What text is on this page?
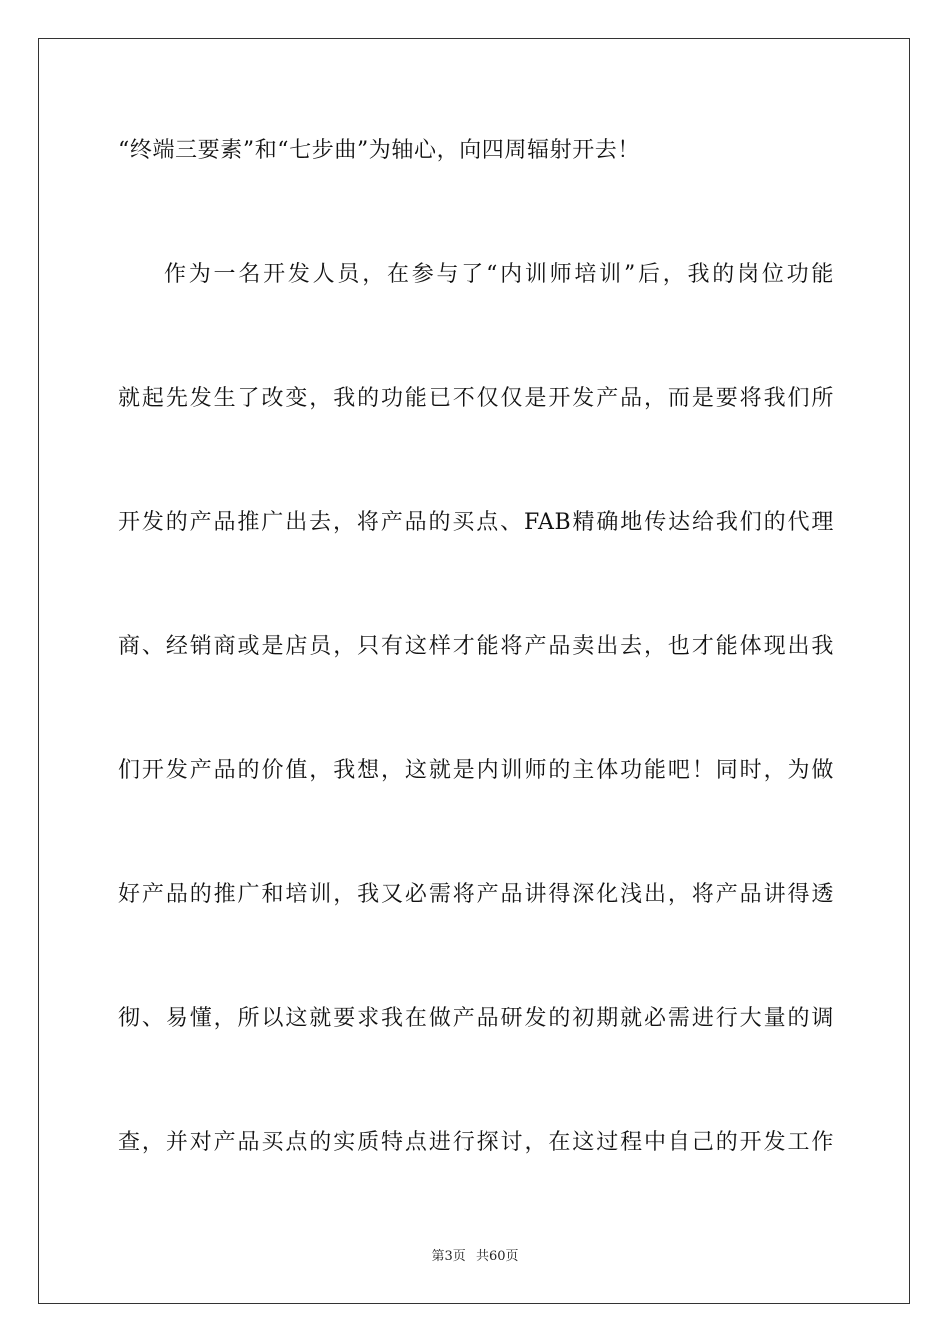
“终端三要素”和“七步曲”为轴心，向四周辐射开去！
作为一名开发人员，在参与了“内训师培训”后，我的岗位功能
就起先发生了改变，我的功能已不仅仅是开发产品，而是要将我们所
开发的产品推广出去，将产品的买点、FAB精确地传达给我们的代理
商、经销商或是店员，只有这样才能将产品卖出去，也才能体现出我
们开发产品的价值，我想，这就是内训师的主体功能吧！同时，为做
好产品的推广和培训，我又必需将产品讲得深化浅出，将产品讲得透
彻、易懂，所以这就要求我在做产品研发的初期就必需进行大量的调
查，并对产品买点的实质特点进行探讨，在这过程中自己的开发工作
第3页 共60页
